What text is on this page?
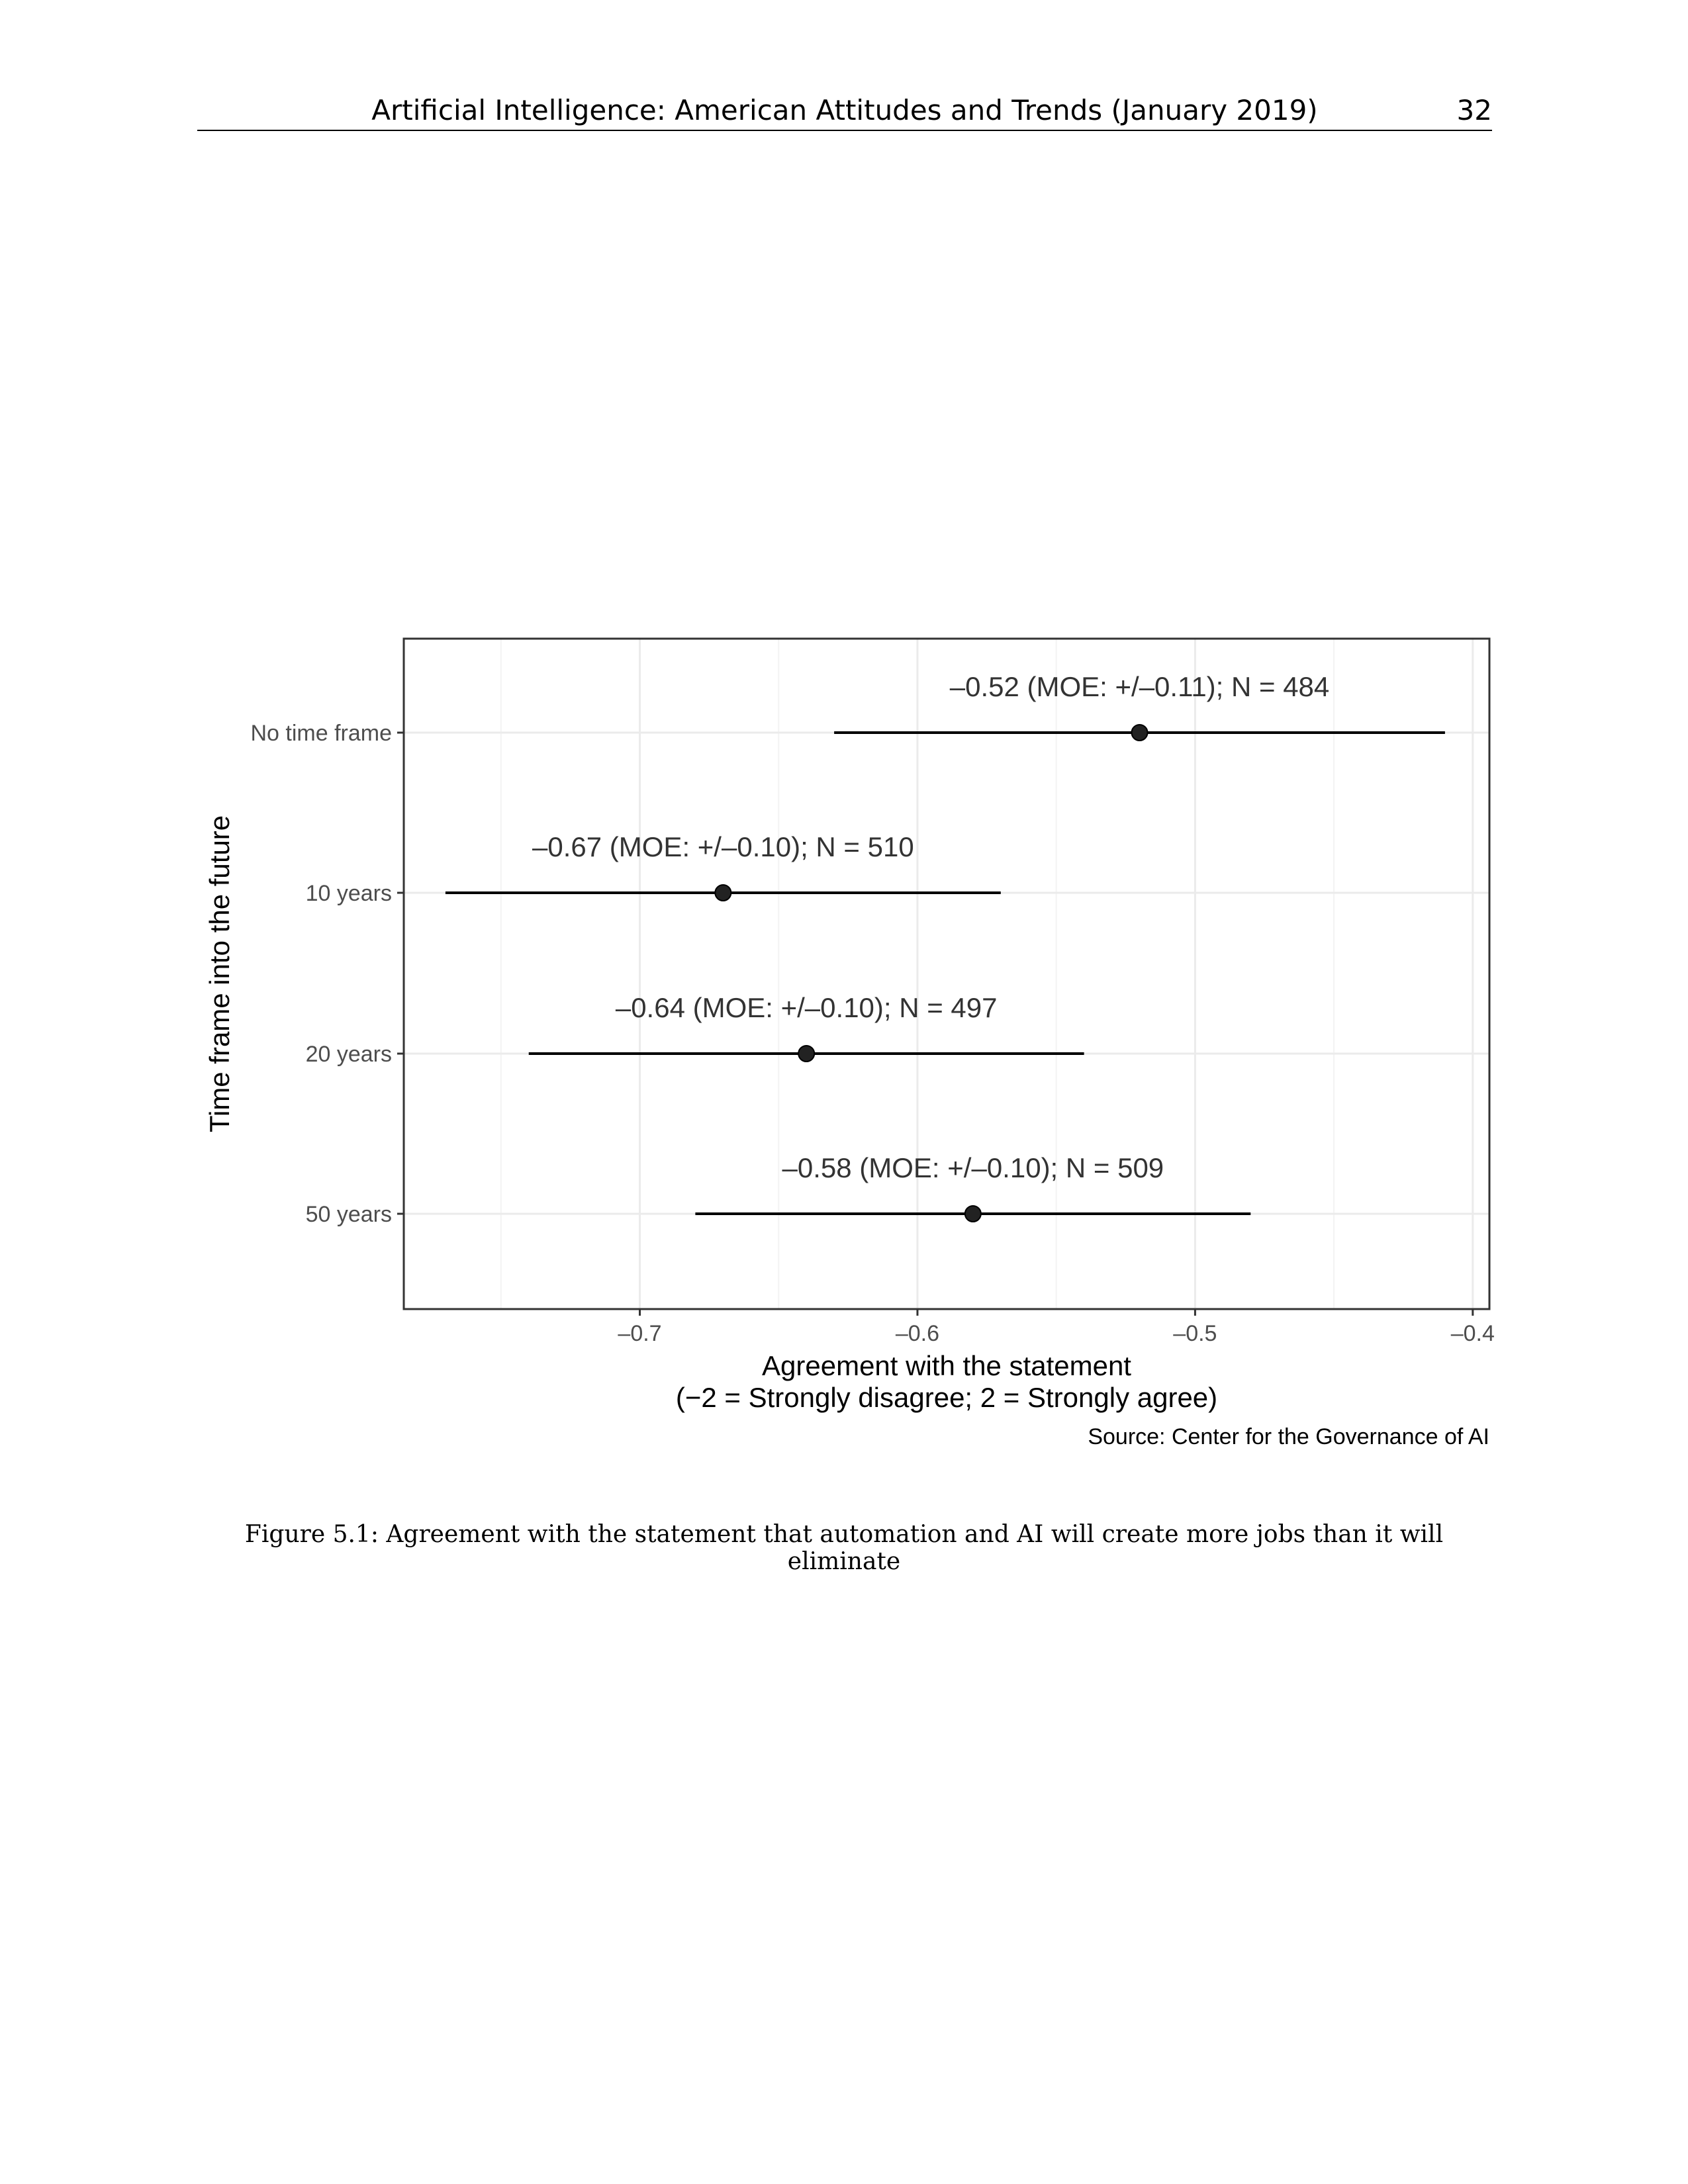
Artificial Intelligence: American Attitudes and Trends (January 2019)	32
–0.52 (MOE: +/–0.11); N = 484
–0.67 (MOE: +/–0.10); N = 510
–0.64 (MOE: +/–0.10); N = 497
–0.58 (MOE: +/–0.10); N = 509
–0.7	–0.6	–0.5	–0.4
No time frame
10 years
20 years
50 years
Agreement with the statement
(−2 = Strongly disagree; 2 = Strongly agree)
Time frame into the future
Source: Center for the Governance of AI
Figure 5.1: Agreement with the statement that automation and AI will create more jobs than it will eliminate
